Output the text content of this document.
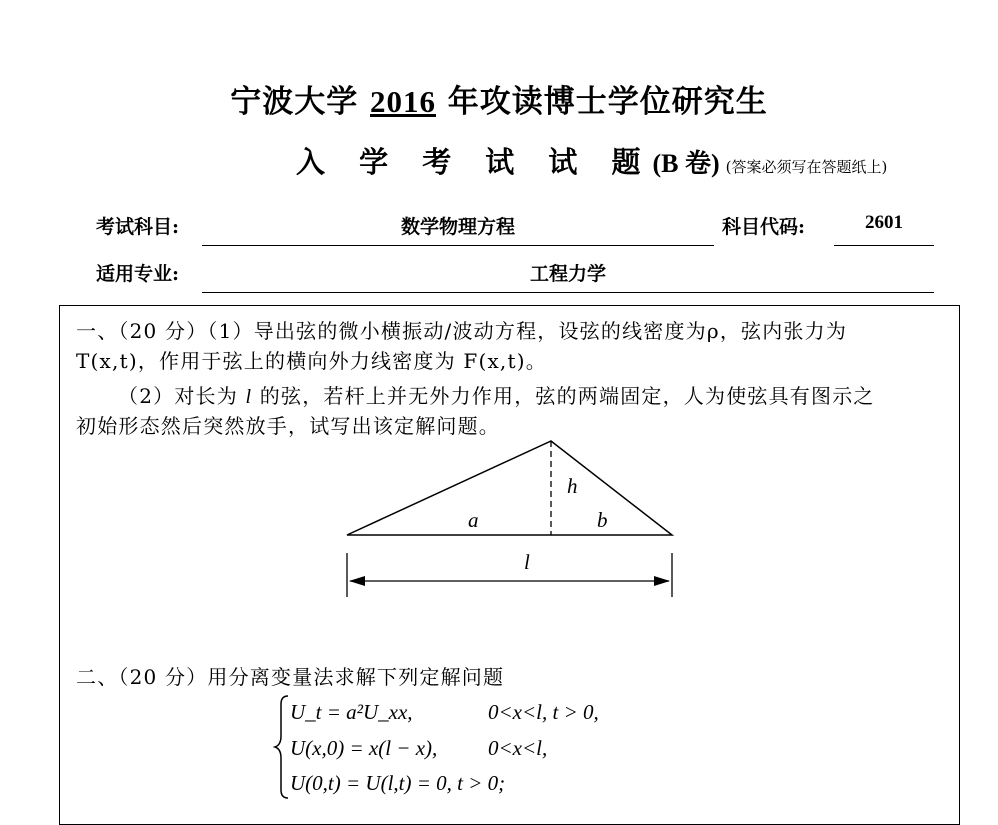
宁波大学 2016 年攻读博士学位研究生
入 学 考 试 试 题(B 卷) (答案必须写在答题纸上)
考试科目:	数学物理方程	科目代码:	2601
适用专业:	工程力学
一、（20 分）（1）导出弦的微小横振动/波动方程，设弦的线密度为ρ，弦内张力为
T(x,t)，作用于弦上的横向外力线密度为 F(x,t)。
（2）对长为 l 的弦，若杆上并无外力作用，弦的两端固定，人为使弦具有图示之
初始形态然后突然放手，试写出该定解问题。
h
a	b
l
二、（20 分）用分离变量法求解下列定解问题
U_t = a²U_xx,	0<x<l, t > 0,
U(x,0) = x(l − x), 0<x<l,
U(0,t) = U(l,t) = 0, t > 0;
